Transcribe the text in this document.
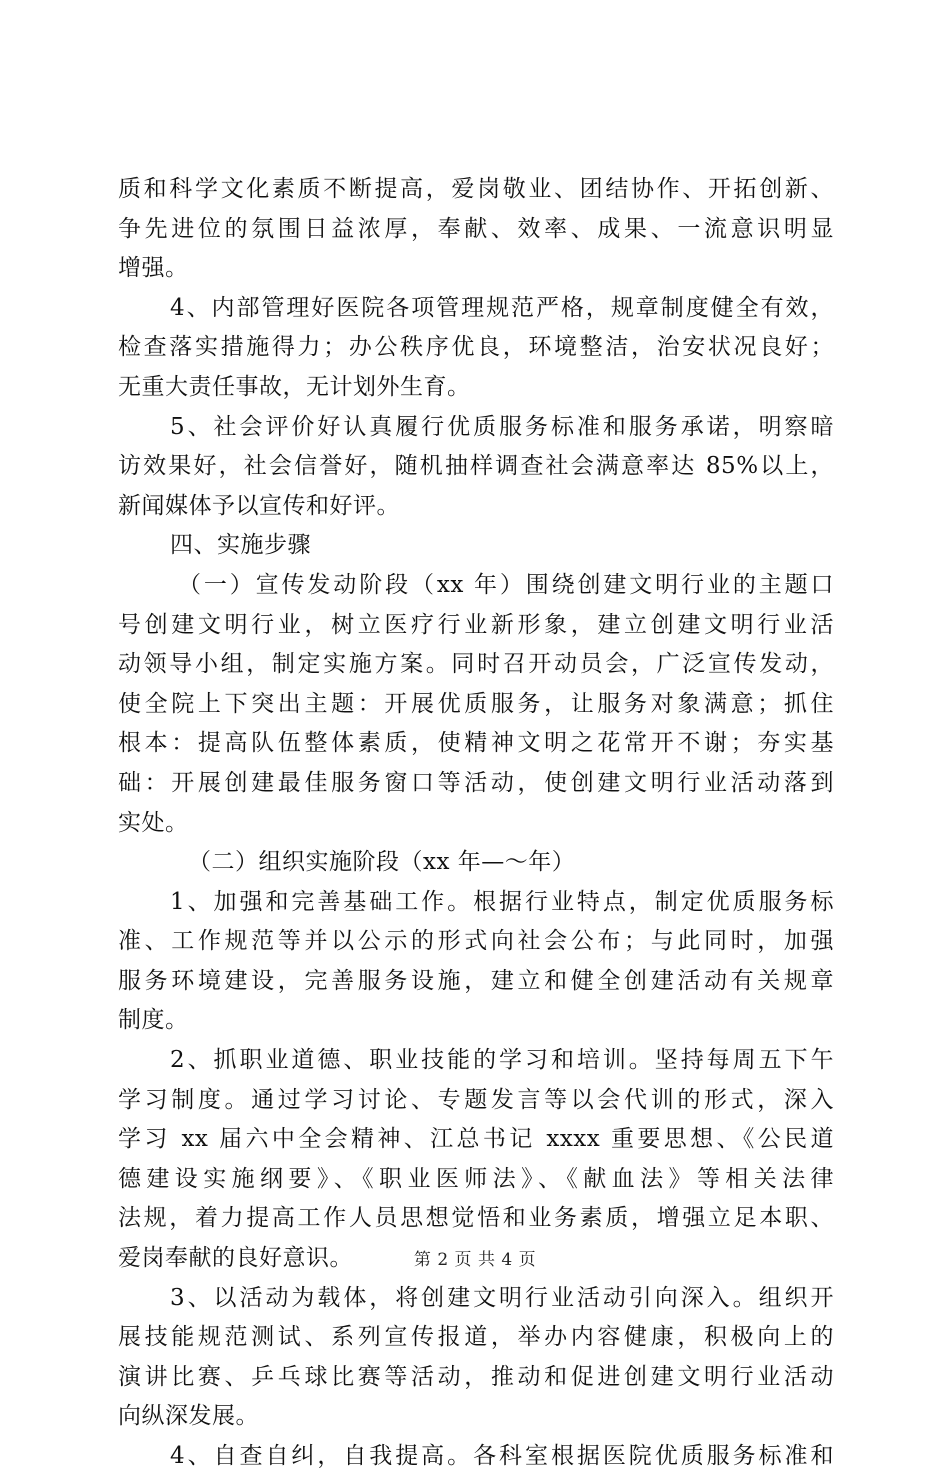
质和科学文化素质不断提高，爱岗敬业、团结协作、开拓创新、
争先进位的氛围日益浓厚，奉献、效率、成果、一流意识明显
增强。
4、内部管理好医院各项管理规范严格，规章制度健全有效，
检查落实措施得力；办公秩序优良，环境整洁，治安状况良好；
无重大责任事故，无计划外生育。
5、社会评价好认真履行优质服务标准和服务承诺，明察暗
访效果好，社会信誉好，随机抽样调查社会满意率达 85%以上，
新闻媒体予以宣传和好评。
四、实施步骤
（一）宣传发动阶段（xx 年）围绕创建文明行业的主题口
号创建文明行业，树立医疗行业新形象，建立创建文明行业活
动领导小组，制定实施方案。同时召开动员会，广泛宣传发动，
使全院上下突出主题：开展优质服务，让服务对象满意；抓住
根本：提高队伍整体素质，使精神文明之花常开不谢；夯实基
础：开展创建最佳服务窗口等活动，使创建文明行业活动落到
实处。
（二）组织实施阶段（xx 年—～年）
1、加强和完善基础工作。根据行业特点，制定优质服务标
准、工作规范等并以公示的形式向社会公布；与此同时，加强
服务环境建设，完善服务设施，建立和健全创建活动有关规章
制度。
2、抓职业道德、职业技能的学习和培训。坚持每周五下午
学习制度。通过学习讨论、专题发言等以会代训的形式，深入
学习 xx 届六中全会精神、江总书记 xxxx 重要思想、《公民道
德建设实施纲要》、《职业医师法》、《献血法》等相关法律
法规，着力提高工作人员思想觉悟和业务素质，增强立足本职、
爱岗奉献的良好意识。
3、以活动为载体，将创建文明行业活动引向深入。组织开
展技能规范测试、系列宣传报道，举办内容健康，积极向上的
演讲比赛、乒乓球比赛等活动，推动和促进创建文明行业活动
向纵深发展。
4、自查自纠，自我提高。各科室根据医院优质服务标准和
第 2 页 共 4 页
